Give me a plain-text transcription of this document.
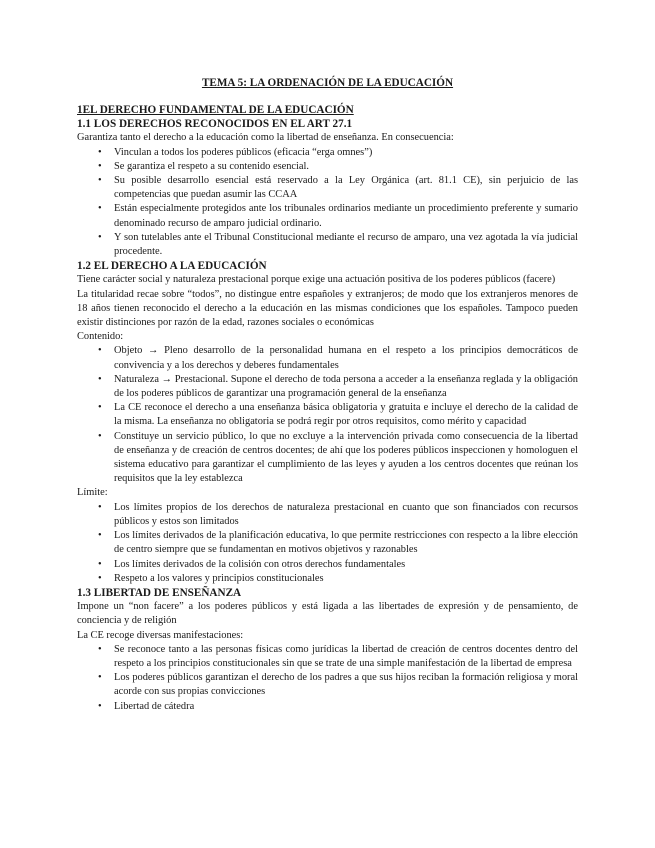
TEMA 5: LA ORDENACIÓN DE LA EDUCACIÓN
1EL DERECHO FUNDAMENTAL DE LA EDUCACIÓN
1.1 LOS DERECHOS RECONOCIDOS EN EL ART 27.1

Garantiza tanto el derecho a la educación como la libertad de enseñanza. En consecuencia:

• Vinculan a todos los poderes públicos (eficacia “erga omnes”)
• Se garantiza el respeto a su contenido esencial.
• Su posible desarrollo esencial está reservado a la Ley Orgánica (art. 81.1 CE), sin perjuicio de las competencias que puedan asumir las CCAA
• Están especialmente protegidos ante los tribunales ordinarios mediante un procedimiento preferente y sumario denominado recurso de amparo judicial ordinario.
• Y son tutelables ante el Tribunal Constitucional mediante el recurso de amparo, una vez agotada la vía judicial procedente.
1.2 EL DERECHO A LA EDUCACIÓN

Tiene carácter social y naturaleza prestacional porque exige una actuación positiva de los poderes públicos (facere)

La titularidad recae sobre “todos”, no distingue entre españoles y extranjeros; de modo que los extranjeros menores de 18 años tienen reconocido el derecho a la educación en las mismas condiciones que los españoles. Tampoco pueden existir distinciones por razón de la edad, razones sociales o económicas

Contenido:

• Objeto → Pleno desarrollo de la personalidad humana en el respeto a los principios democráticos de convivencia y a los derechos y deberes fundamentales
• Naturaleza → Prestacional. Supone el derecho de toda persona a acceder a la enseñanza reglada y la obligación de los poderes públicos de garantizar una programación general de la enseñanza
• La CE reconoce el derecho a una enseñanza básica obligatoria y gratuita e incluye el derecho de la calidad de la misma. La enseñanza no obligatoria se podrá regir por otros requisitos, como mérito y capacidad
• Constituye un servicio público, lo que no excluye a la intervención privada como consecuencia de la libertad de enseñanza y de creación de centros docentes; de ahí que los poderes públicos inspeccionen y homologuen el sistema educativo para garantizar el cumplimiento de las leyes y ayuden a los centros docentes que reúnan los requisitos que la ley establezca

Límite:

• Los límites propios de los derechos de naturaleza prestacional en cuanto que son financiados con recursos públicos y estos son limitados
• Los límites derivados de la planificación educativa, lo que permite restricciones con respecto a la libre elección de centro siempre que se fundamentan en motivos objetivos y razonables
• Los límites derivados de la colisión con otros derechos fundamentales
• Respeto a los valores y principios constitucionales
1.3 LIBERTAD DE ENSEÑANZA

Impone un “non facere” a los poderes públicos y está ligada a las libertades de expresión y de pensamiento, de conciencia y de religión

La CE recoge diversas manifestaciones:

• Se reconoce tanto a las personas físicas como jurídicas la libertad de creación de centros docentes dentro del respeto a los principios constitucionales sin que se trate de una simple manifestación de la libertad de empresa
• Los poderes públicos garantizan el derecho de los padres a que sus hijos reciban la formación religiosa y moral acorde con sus propias convicciones
• Libertad de cátedra
